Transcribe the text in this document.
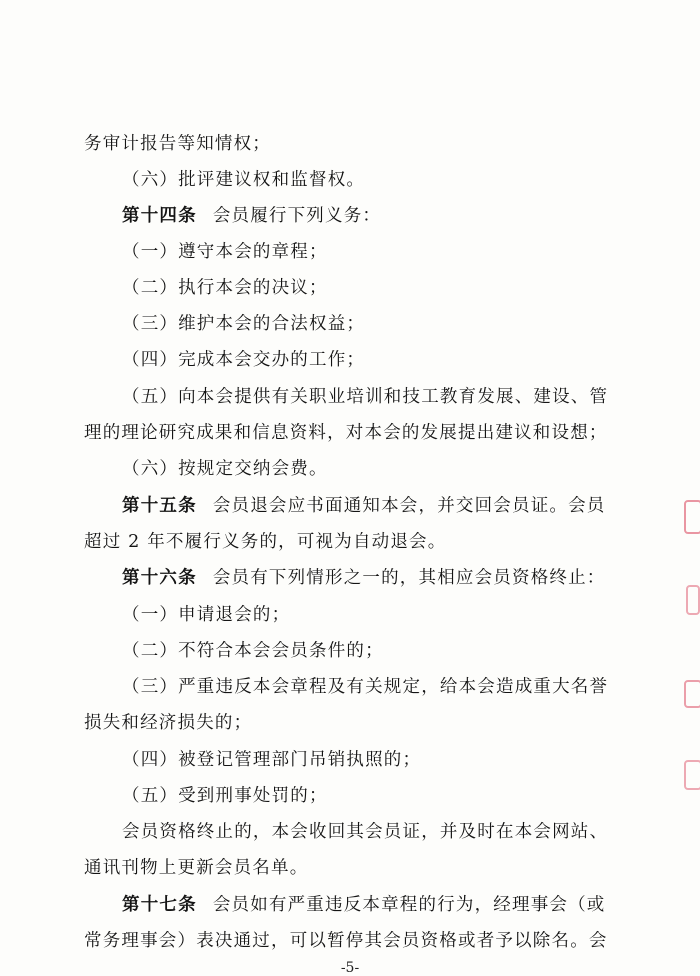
务审计报告等知情权；
（六）批评建议权和监督权。
第十四条 会员履行下列义务：
（一）遵守本会的章程；
（二）执行本会的决议；
（三）维护本会的合法权益；
（四）完成本会交办的工作；
（五）向本会提供有关职业培训和技工教育发展、建设、管
理的理论研究成果和信息资料，对本会的发展提出建议和设想；
（六）按规定交纳会费。
第十五条 会员退会应书面通知本会，并交回会员证。会员
超过 2 年不履行义务的，可视为自动退会。
第十六条 会员有下列情形之一的，其相应会员资格终止：
（一）申请退会的；
（二）不符合本会会员条件的；
（三）严重违反本会章程及有关规定，给本会造成重大名誉
损失和经济损失的；
（四）被登记管理部门吊销执照的；
（五）受到刑事处罚的；
会员资格终止的，本会收回其会员证，并及时在本会网站、
通讯刊物上更新会员名单。
第十七条 会员如有严重违反本章程的行为，经理事会（或
常务理事会）表决通过，可以暂停其会员资格或者予以除名。会
-5-
